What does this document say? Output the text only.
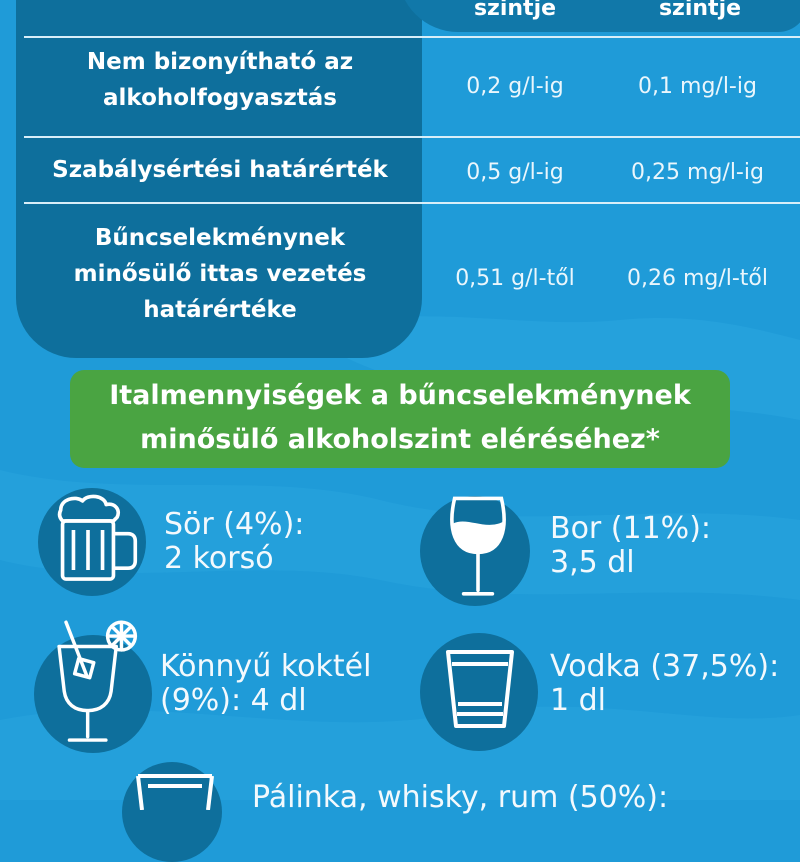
szintje	szintje
Nem bizonyítható az
alkoholfogyasztás	0,2 g/l-ig	0,1 mg/l-ig
Szabálysértési határérték	0,5 g/l-ig	0,25 mg/l-ig
Bűncselekménynek
minősülő ittas vezetés
határértéke
0,51 g/l-től	0,26 mg/l-től
Italmennyiségek a bűncselekménynek
minősülő alkoholszint eléréséhez*
Sör (4%):
2 korsó
Bor (11%):
3,5 dl
Könnyű koktél
(9%): 4 dl
Vodka (37,5%):
1 dl
Pálinka, whisky, rum (50%):
